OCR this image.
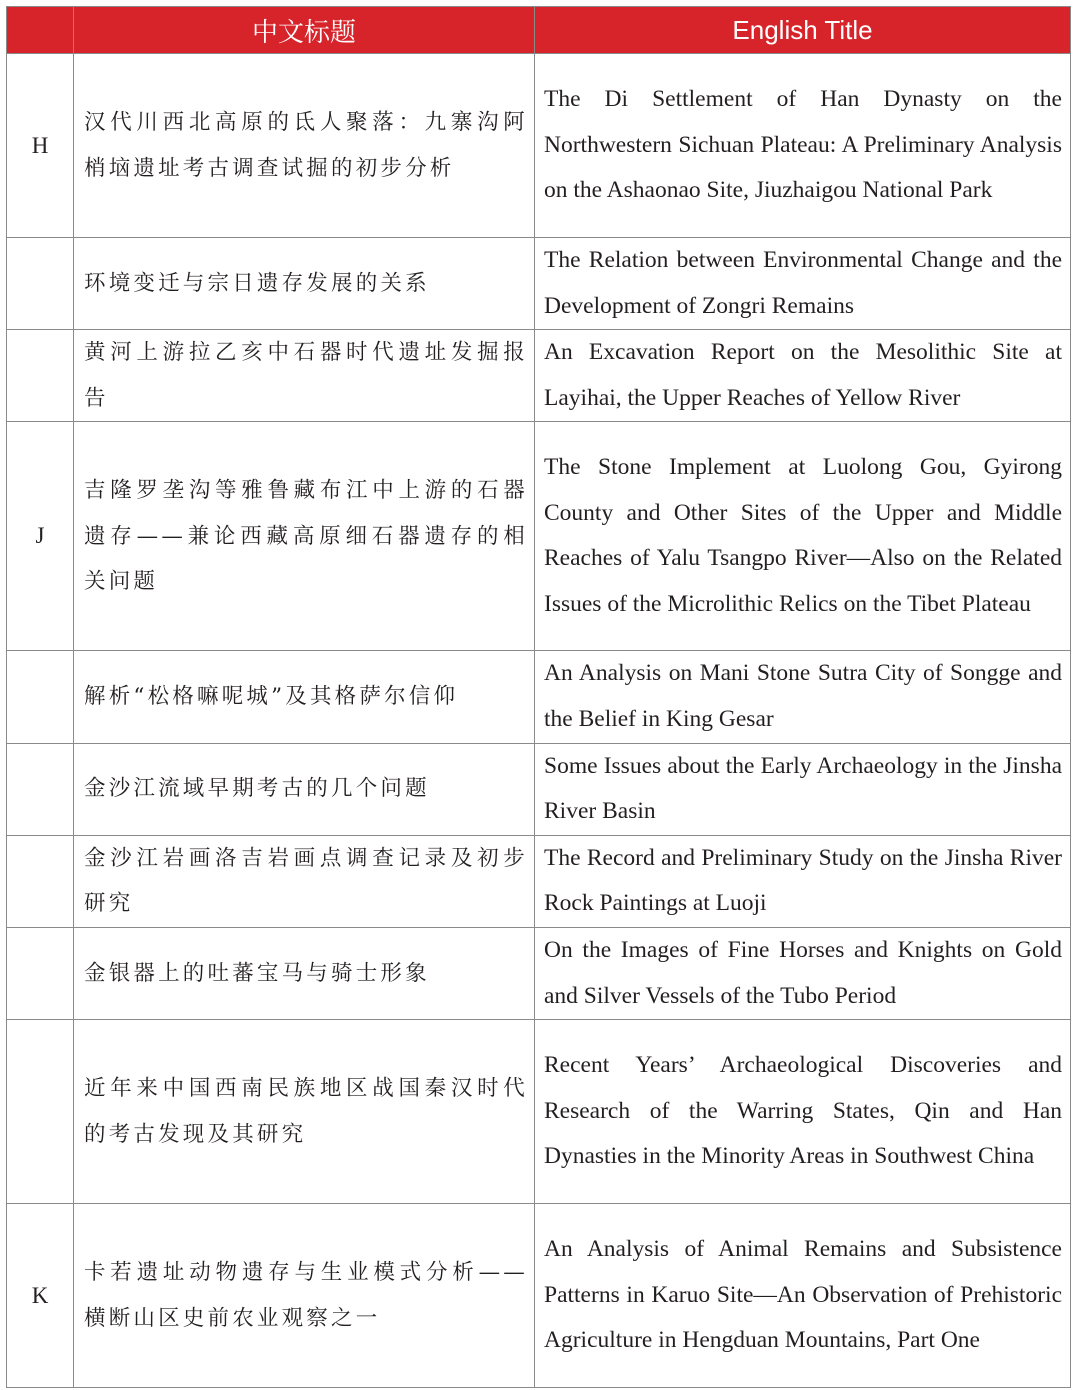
	中文标题	English Title
H	汉代川西北高原的氐人聚落：九寨沟阿梢垴遗址考古调查试掘的初步分析	The Di Settlement of Han Dynasty on the Northwestern Sichuan Plateau: A Preliminary Analysis on the Ashaonao Site, Jiuzhaigou National Park
	环境变迁与宗日遗存发展的关系	The Relation between Environmental Change and the Development of Zongri Remains
	黄河上游拉乙亥中石器时代遗址发掘报告	An Excavation Report on the Mesolithic Site at Layihai, the Upper Reaches of Yellow River
J	吉隆罗垄沟等雅鲁藏布江中上游的石器遗存——兼论西藏高原细石器遗存的相关问题	The Stone Implement at Luolong Gou, Gyirong County and Other Sites of the Upper and Middle Reaches of Yalu Tsangpo River—Also on the Related Issues of the Microlithic Relics on the Tibet Plateau
	解析“松格嘛呢城”及其格萨尔信仰	An Analysis on Mani Stone Sutra City of Songge and the Belief in King Gesar
	金沙江流域早期考古的几个问题	Some Issues about the Early Archaeology in the Jinsha River Basin
	金沙江岩画洛吉岩画点调查记录及初步研究	The Record and Preliminary Study on the Jinsha River Rock Paintings at Luoji
	金银器上的吐蕃宝马与骑士形象	On the Images of Fine Horses and Knights on Gold and Silver Vessels of the Tubo Period
	近年来中国西南民族地区战国秦汉时代的考古发现及其研究	Recent Years’ Archaeological Discoveries and Research of the Warring States, Qin and Han Dynasties in the Minority Areas in Southwest China
K	卡若遗址动物遗存与生业模式分析——横断山区史前农业观察之一	An Analysis of Animal Remains and Subsistence Patterns in Karuo Site—An Observation of Prehistoric Agriculture in Hengduan Mountains, Part One
